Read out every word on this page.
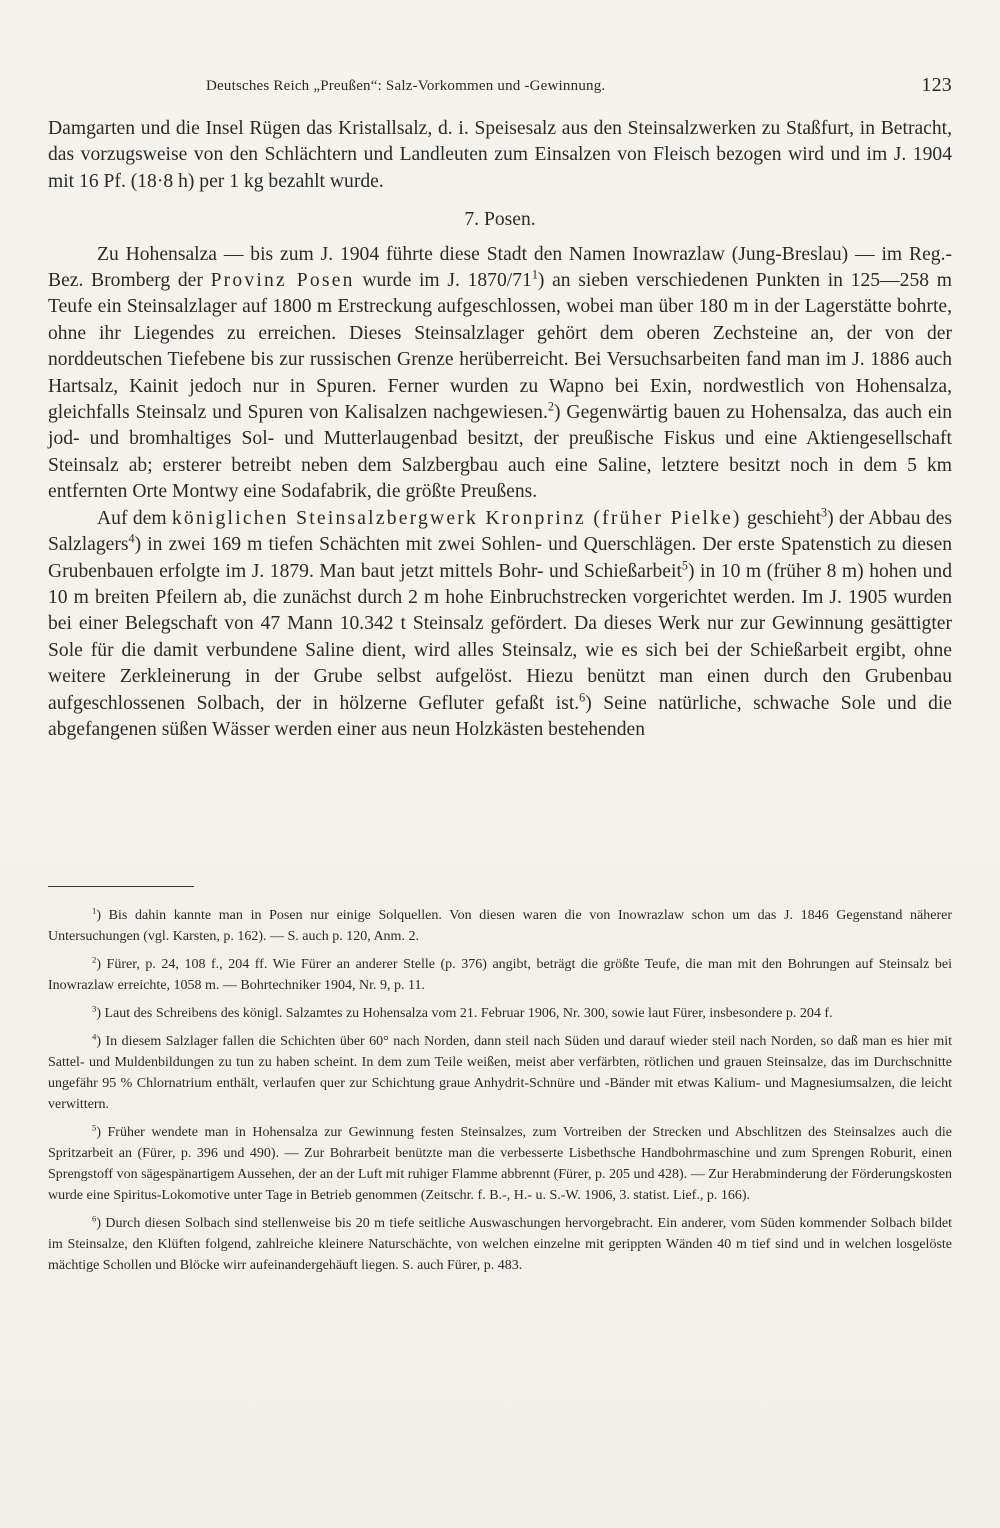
Deutsches Reich „Preußen“: Salz-Vorkommen und -Gewinnung.	123

Damgarten und die Insel Rügen das Kristallsalz, d. i. Speisesalz aus den Steinsalzwerken zu Staßfurt, in Betracht, das vorzugsweise von den Schlächtern und Landleuten zum Einsalzen von Fleisch bezogen wird und im J. 1904 mit 16 Pf. (18·8 h) per 1 kg bezahlt wurde.

7. Posen.

Zu Hohensalza — bis zum J. 1904 führte diese Stadt den Namen Inowrazlaw (Jung-Breslau) — im Reg.-Bez. Bromberg der Provinz Posen wurde im J. $1870/71^1$) an sieben verschiedenen Punkten in 125—258 m Teufe ein Steinsalzlager auf 1800 m Erstreckung aufgeschlossen, wobei man über 180 m in der Lagerstätte bohrte, ohne ihr Liegendes zu erreichen. Dieses Steinsalzlager gehört dem oberen Zechsteine an, der von der norddeutschen Tiefebene bis zur russischen Grenze herüberreicht. Bei Versuchsarbeiten fand man im J. 1886 auch Hartsalz, Kainit jedoch nur in Spuren. Ferner wurden zu Wapno bei Exin, nordwestlich von Hohensalza, gleichfalls Steinsalz und Spuren von Kalisalzen nachgewiesen.$^2$) Gegenwärtig bauen zu Hohensalza, das auch ein jod- und bromhaltiges Sol- und Mutterlaugenbad besitzt, der preußische Fiskus und eine Aktiengesellschaft Steinsalz ab; ersterer betreibt neben dem Salzbergbau auch eine Saline, letztere besitzt noch in dem 5 km entfernten Orte Montwy eine Sodafabrik, die größte Preußens.

Auf dem königlichen Steinsalzbergwerk Kronprinz (früher Pielke) geschieht$^3$) der Abbau des Salzlagers$^4$) in zwei 169 m tiefen Schächten mit zwei Sohlen- und Querschlägen. Der erste Spatenstich zu diesen Grubenbauen erfolgte im J. 1879. Man baut jetzt mittels Bohr- und Schießarbeit$^5$) in 10 m (früher 8 m) hohen und 10 m breiten Pfeilern ab, die zunächst durch 2 m hohe Einbruchstrecken vorgerichtet werden. Im J. 1905 wurden bei einer Belegschaft von 47 Mann 10.342 t Steinsalz gefördert. Da dieses Werk nur zur Gewinnung gesättigter Sole für die damit verbundene Saline dient, wird alles Steinsalz, wie es sich bei der Schießarbeit ergibt, ohne weitere Zerkleinerung in der Grube selbst aufgelöst. Hiezu benützt man einen durch den Grubenbau aufgeschlossenen Solbach, der in hölzerne Gefluter gefaßt ist.$^6$) Seine natürliche, schwache Sole und die abgefangenen süßen Wässer werden einer aus neun Holzkästen bestehenden

$^1$) Bis dahin kannte man in Posen nur einige Solquellen. Von diesen waren die von Inowrazlaw schon um das J. 1846 Gegenstand näherer Untersuchungen (vgl. Karsten, p. 162). — S. auch p. 120, Anm. 2.

$^2$) Fürer, p. 24, 108 f., 204 ff. Wie Fürer an anderer Stelle (p. 376) angibt, beträgt die größte Teufe, die man mit den Bohrungen auf Steinsalz bei Inowrazlaw erreichte, 1058 m. — Bohrtechniker 1904, Nr. 9, p. 11.

$^3$) Laut des Schreibens des königl. Salzamtes zu Hohensalza vom 21. Februar 1906, Nr. 300, sowie laut Fürer, insbesondere p. 204 f.

$^4$) In diesem Salzlager fallen die Schichten über 60° nach Norden, dann steil nach Süden und darauf wieder steil nach Norden, so daß man es hier mit Sattel- und Muldenbildungen zu tun zu haben scheint. In dem zum Teile weißen, meist aber verfärbten, rötlichen und grauen Steinsalze, das im Durchschnitte ungefähr 95 % Chlornatrium enthält, verlaufen quer zur Schichtung graue Anhydrit-Schnüre und -Bänder mit etwas Kalium- und Magnesiumsalzen, die leicht verwittern.

$^5$) Früher wendete man in Hohensalza zur Gewinnung festen Steinsalzes, zum Vortreiben der Strecken und Abschlitzen des Steinsalzes auch die Spritzarbeit an (Fürer, p. 396 und 490). — Zur Bohrarbeit benützte man die verbesserte Lisbethsche Handbohrmaschine und zum Sprengen Roburit, einen Sprengstoff von sägespänartigem Aussehen, der an der Luft mit ruhiger Flamme abbrennt (Fürer, p. 205 und 428). — Zur Herabminderung der Förderungskosten wurde eine Spiritus-Lokomotive unter Tage in Betrieb genommen (Zeitschr. f. B.-, H.- u. S.-W. 1906, 3. statist. Lief., p. 166).

$^6$) Durch diesen Solbach sind stellenweise bis 20 m tiefe seitliche Auswaschungen hervorgebracht. Ein anderer, vom Süden kommender Solbach bildet im Steinsalze, den Klüften folgend, zahlreiche kleinere Naturschächte, von welchen einzelne mit gerippten Wänden 40 m tief sind und in welchen losgelöste mächtige Schollen und Blöcke wirr aufeinandergehäuft liegen. S. auch Fürer, p. 483.
